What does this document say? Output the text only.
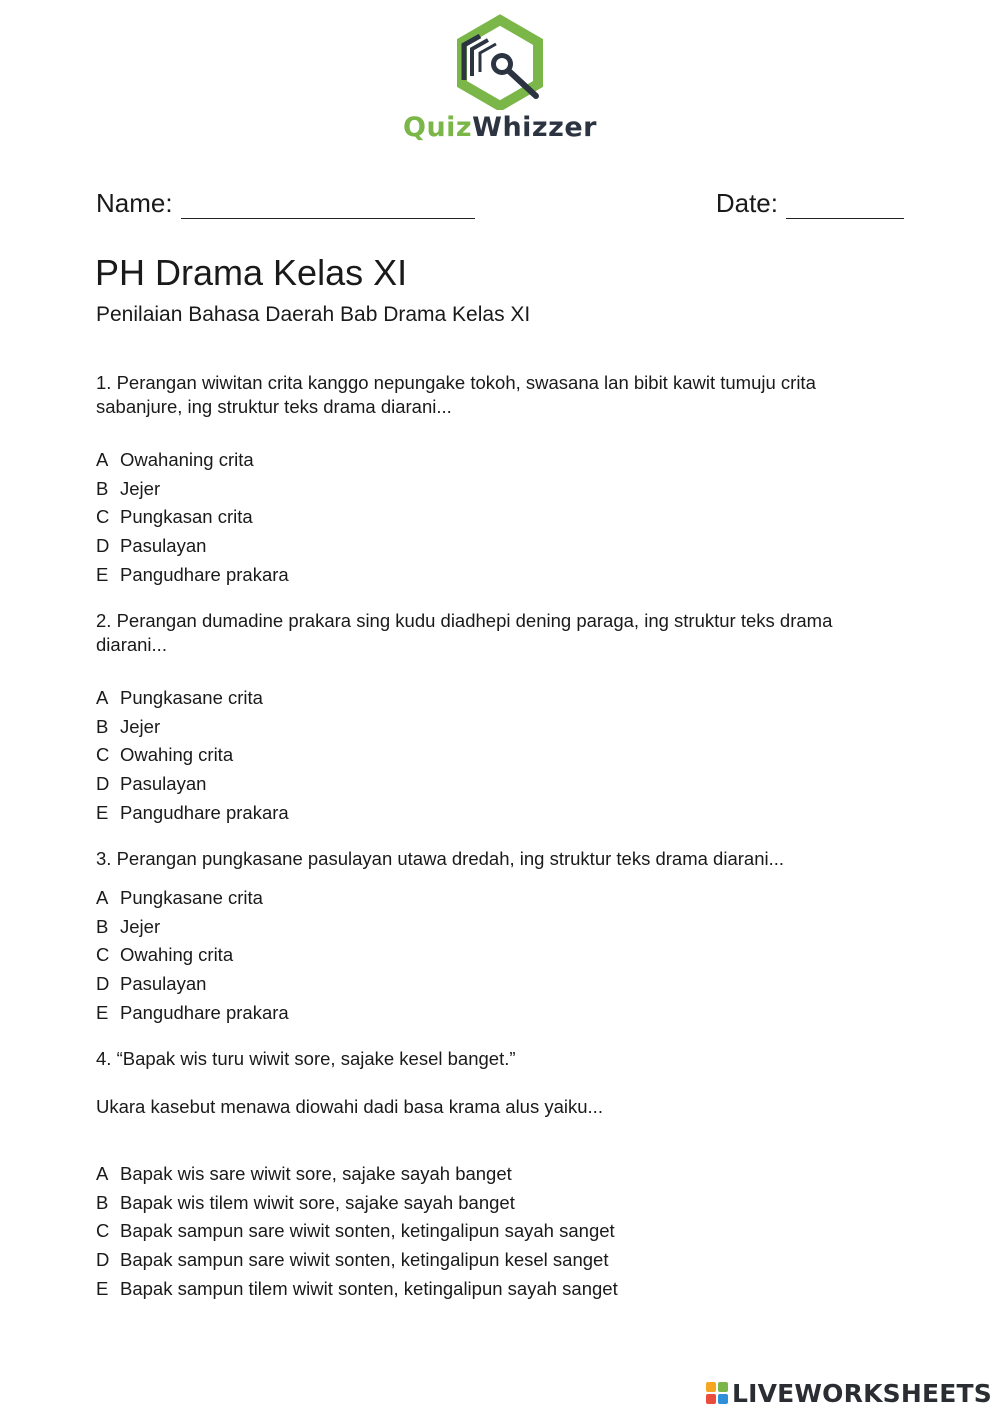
QuizWhizzer
Name:	Date:
PH Drama Kelas XI

Penilaian Bahasa Daerah Bab Drama Kelas XI

1. Perangan wiwitan crita kanggo nepungake tokoh, swasana lan bibit kawit tumuju crita sabanjure, ing struktur teks drama diarani...

A Owahaning crita

B Jejer

C Pungkasan crita

D Pasulayan

E Pangudhare prakara

2. Perangan dumadine prakara sing kudu diadhepi dening paraga, ing struktur teks drama diarani...

A Pungkasane crita

B Jejer

C Owahing crita

D Pasulayan

E Pangudhare prakara

3. Perangan pungkasane pasulayan utawa dredah, ing struktur teks drama diarani...

A Pungkasane crita

B Jejer

C Owahing crita

D Pasulayan

E Pangudhare prakara

4. “Bapak wis turu wiwit sore, sajake kesel banget.”

Ukara kasebut menawa diowahi dadi basa krama alus yaiku...

A Bapak wis sare wiwit sore, sajake sayah banget

B Bapak wis tilem wiwit sore, sajake sayah banget

C Bapak sampun sare wiwit sonten, ketingalipun sayah sanget

D Bapak sampun sare wiwit sonten, ketingalipun kesel sanget

E Bapak sampun tilem wiwit sonten, ketingalipun sayah sanget

LIVEWORKSHEETS
